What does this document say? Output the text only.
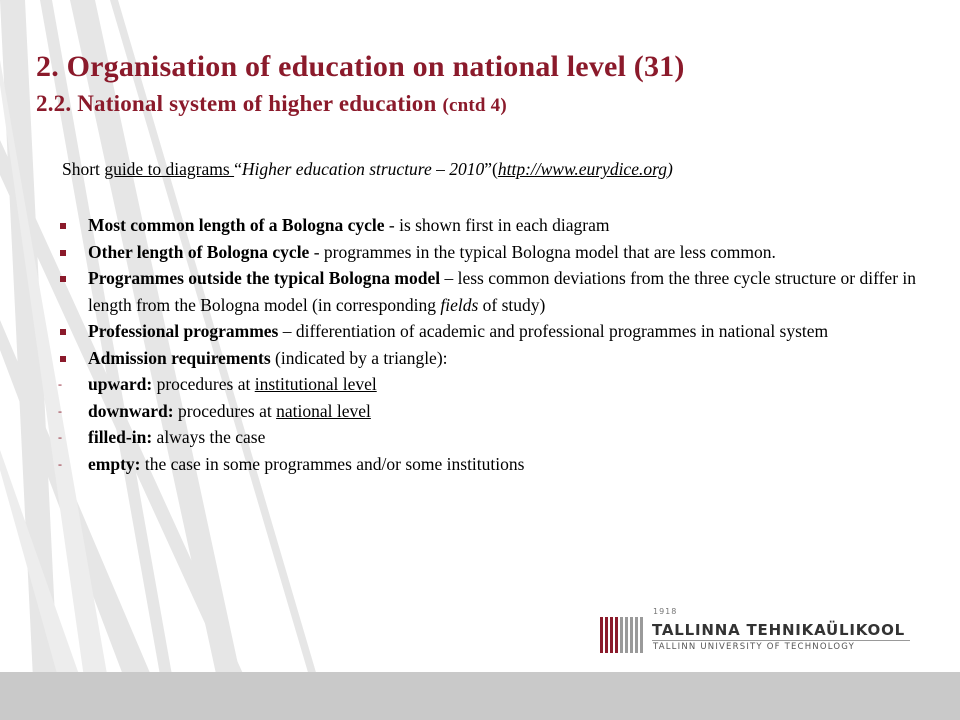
2. Organisation of education on national level (31)
2.2. National system of higher education (cntd 4)
Short guide to diagrams “Higher education structure – 2010”(http://www.eurydice.org)
Most common length of a Bologna cycle - is shown first in each diagram
Other length of Bologna cycle - programmes in the typical Bologna model that are less common.
Programmes outside the typical Bologna model – less common deviations from the three cycle structure or differ in length from the Bologna model (in corresponding fields of study)
Professional programmes – differentiation of academic and professional programmes in national system
Admission requirements (indicated by a triangle):
- upward: procedures at institutional level
- downward: procedures at national level
- filled-in: always the case
- empty: the case in some programmes and/or some institutions
1918
TALLINNA TEHNIKAÜLIKOOL
TALLINN UNIVERSITY OF TECHNOLOGY
